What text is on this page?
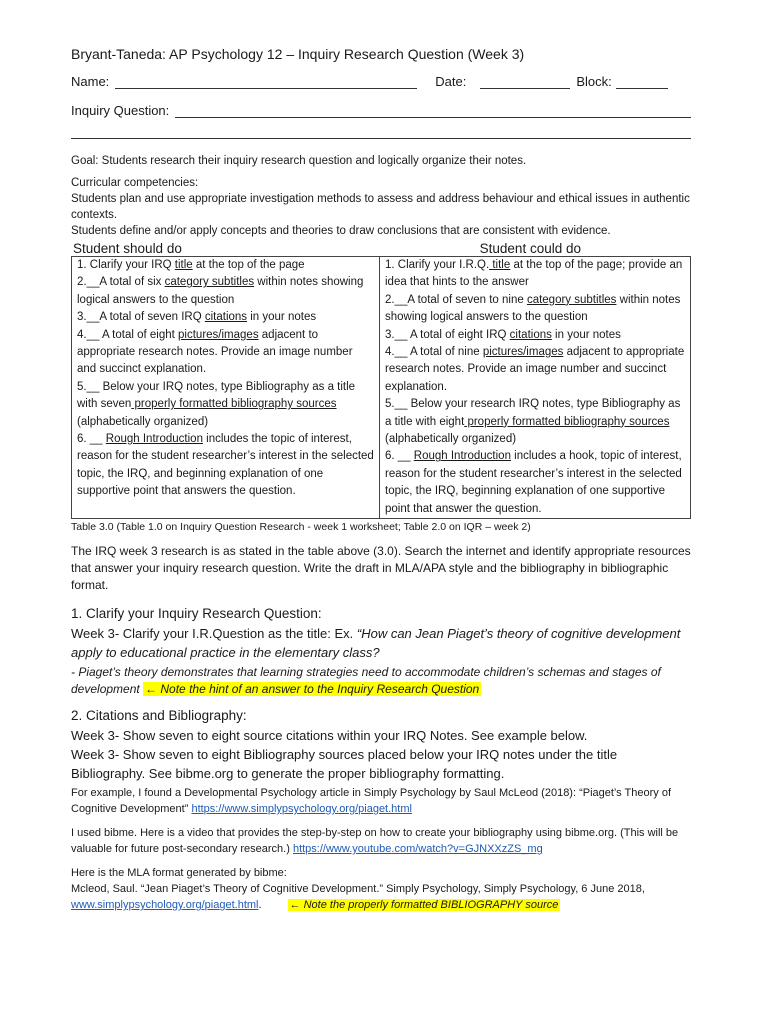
Bryant-Taneda: AP Psychology 12 – Inquiry Research Question (Week 3)
Name:	Date:	Block:
Inquiry Question:

Goal: Students research their inquiry research question and logically organize their notes.

Curricular competencies:

Students plan and use appropriate investigation methods to assess and address behaviour and ethical issues in authentic contexts.

Students define and/or apply concepts and theories to draw conclusions that are consistent with evidence.

Student should do	Student could do
1. Clarify your IRQ title at the top of the page
2.__A total of six category subtitles within notes showing logical answers to the question
3.__A total of seven IRQ citations in your notes
4.__ A total of eight pictures/images adjacent to appropriate research notes. Provide an image number and succinct explanation.
5.__ Below your IRQ notes, type Bibliography as a title with seven properly formatted bibliography sources (alphabetically organized)
6. __ Rough Introduction includes the topic of interest, reason for the student researcher’s interest in the selected topic, the IRQ, and beginning explanation of one supportive point that answers the question.

1. Clarify your I.R.Q. title at the top of the page; provide an idea that hints to the answer
2.__A total of seven to nine category subtitles within notes showing logical answers to the question
3.__ A total of eight IRQ citations in your notes
4.__ A total of nine pictures/images adjacent to appropriate research notes. Provide an image number and succinct explanation.
5.__ Below your research IRQ notes, type Bibliography as a title with eight properly formatted bibliography sources (alphabetically organized)
6. __ Rough Introduction includes a hook, topic of interest, reason for the student researcher’s interest in the selected topic, the IRQ, beginning explanation of one supportive point that answer the question.
Table 3.0 (Table 1.0 on Inquiry Question Research - week 1 worksheet; Table 2.0 on IQR – week 2)

The IRQ week 3 research is as stated in the table above (3.0). Search the internet and identify appropriate resources that answer your inquiry research question. Write the draft in MLA/APA style and the bibliography in bibliographic format.

1. Clarify your Inquiry Research Question:

Week 3- Clarify your I.R.Question as the title: Ex. “How can Jean Piaget’s theory of cognitive development apply to educational practice in the elementary class?

- Piaget’s theory demonstrates that learning strategies need to accommodate children’s schemas and stages of development ← Note the hint of an answer to the Inquiry Research Question

2. Citations and Bibliography:

Week 3- Show seven to eight source citations within your IRQ Notes. See example below.

Week 3- Show seven to eight Bibliography sources placed below your IRQ notes under the title Bibliography. See bibme.org to generate the proper bibliography formatting.

For example, I found a Developmental Psychology article in Simply Psychology by Saul McLeod (2018): “Piaget’s Theory of Cognitive Development” https://www.simplypsychology.org/piaget.html

I used bibme. Here is a video that provides the step-by-step on how to create your bibliography using bibme.org. (This will be valuable for future post-secondary research.) https://www.youtube.com/watch?v=GJNXXzZS_mg

Here is the MLA format generated by bibme:

Mcleod, Saul. “Jean Piaget’s Theory of Cognitive Development.” Simply Psychology, Simply Psychology, 6 June 2018, www.simplypsychology.org/piaget.html.	← Note the properly formatted BIBLIOGRAPHY source
